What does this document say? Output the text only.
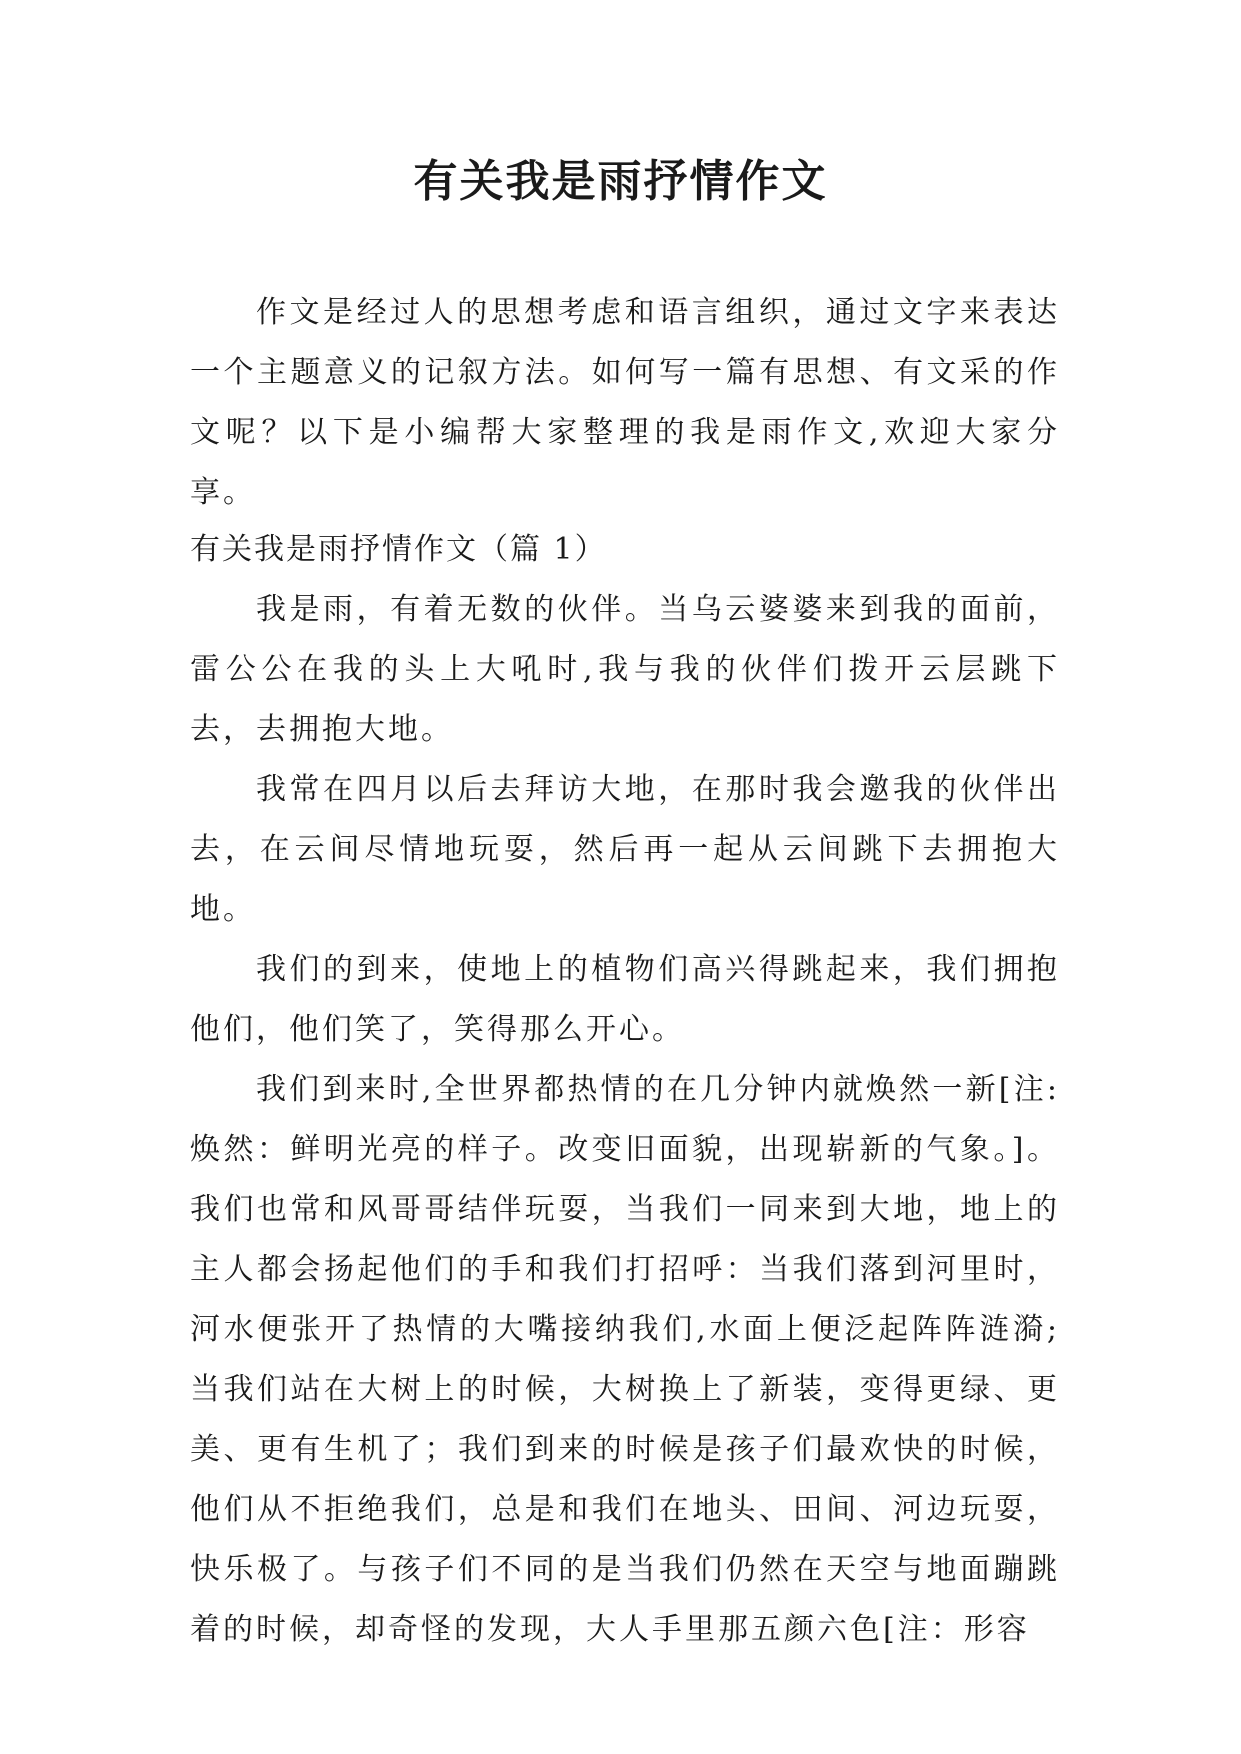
有关我是雨抒情作文

作文是经过人的思想考虑和语言组织，通过文字来表达一个主题意义的记叙方法。如何写一篇有思想、有文采的作文呢？以下是小编帮大家整理的我是雨作文,欢迎大家分享。

有关我是雨抒情作文（篇 1）

我是雨，有着无数的伙伴。当乌云婆婆来到我的面前，雷公公在我的头上大吼时,我与我的伙伴们拨开云层跳下去，去拥抱大地。

我常在四月以后去拜访大地，在那时我会邀我的伙伴出去，在云间尽情地玩耍，然后再一起从云间跳下去拥抱大地。

我们的到来，使地上的植物们高兴得跳起来，我们拥抱他们，他们笑了，笑得那么开心。

我们到来时,全世界都热情的在几分钟内就焕然一新[注:焕然：鲜明光亮的样子。改变旧面貌，出现崭新的气象。]。我们也常和风哥哥结伴玩耍，当我们一同来到大地，地上的主人都会扬起他们的手和我们打招呼：当我们落到河里时，河水便张开了热情的大嘴接纳我们,水面上便泛起阵阵涟漪;当我们站在大树上的时候，大树换上了新装，变得更绿、更美、更有生机了；我们到来的时候是孩子们最欢快的时候，他们从不拒绝我们，总是和我们在地头、田间、河边玩耍，快乐极了。与孩子们不同的是当我们仍然在天空与地面蹦跳着的时候，却奇怪的发现，大人手里那五颜六色[注：形容
